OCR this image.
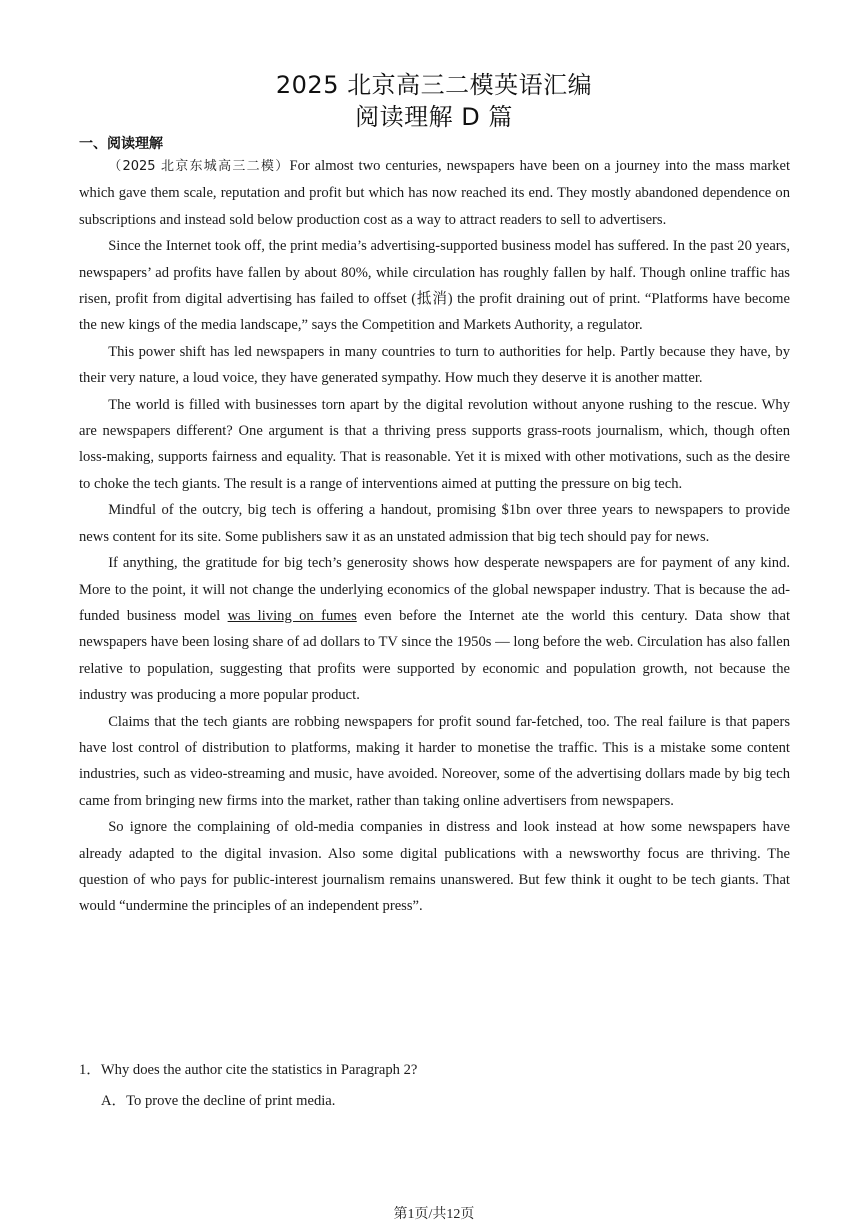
2025 北京高三二模英语汇编
阅读理解 D 篇
一、阅读理解

（2025 北京东城高三二模）For almost two centuries, newspapers have been on a journey into the mass market which gave them scale, reputation and profit but which has now reached its end. They mostly abandoned dependence on subscriptions and instead sold below production cost as a way to attract readers to sell to advertisers.

Since the Internet took off, the print media’s advertising-supported business model has suffered. In the past 20 years, newspapers’ ad profits have fallen by about 80%, while circulation has roughly fallen by half. Though online traffic has risen, profit from digital advertising has failed to offset (抵消) the profit draining out of print. “Platforms have become the new kings of the media landscape,” says the Competition and Markets Authority, a regulator.

This power shift has led newspapers in many countries to turn to authorities for help. Partly because they have, by their very nature, a loud voice, they have generated sympathy. How much they deserve it is another matter.

The world is filled with businesses torn apart by the digital revolution without anyone rushing to the rescue. Why are newspapers different? One argument is that a thriving press supports grass-roots journalism, which, though often loss-making, supports fairness and equality. That is reasonable. Yet it is mixed with other motivations, such as the desire to choke the tech giants. The result is a range of interventions aimed at putting the pressure on big tech.

Mindful of the outcry, big tech is offering a handout, promising $1bn over three years to newspapers to provide news content for its site. Some publishers saw it as an unstated admission that big tech should pay for news.

If anything, the gratitude for big tech’s generosity shows how desperate newspapers are for payment of any kind. More to the point, it will not change the underlying economics of the global newspaper industry. That is because the ad-funded business model was living on fumes even before the Internet ate the world this century. Data show that newspapers have been losing share of ad dollars to TV since the 1950s — long before the web. Circulation has also fallen relative to population, suggesting that profits were supported by economic and population growth, not because the industry was producing a more popular product.

Claims that the tech giants are robbing newspapers for profit sound far-fetched, too. The real failure is that papers have lost control of distribution to platforms, making it harder to monetise the traffic. This is a mistake some content industries, such as video-streaming and music, have avoided. Noreover, some of the advertising dollars made by big tech came from bringing new firms into the market, rather than taking online advertisers from newspapers.

So ignore the complaining of old-media companies in distress and look instead at how some newspapers have already adapted to the digital invasion. Also some digital publications with a newsworthy focus are thriving. The question of who pays for public-interest journalism remains unanswered. But few think it ought to be tech giants. That would “undermine the principles of an independent press”.

1．Why does the author cite the statistics in Paragraph 2?
A．To prove the decline of print media.
第1页/共12页
